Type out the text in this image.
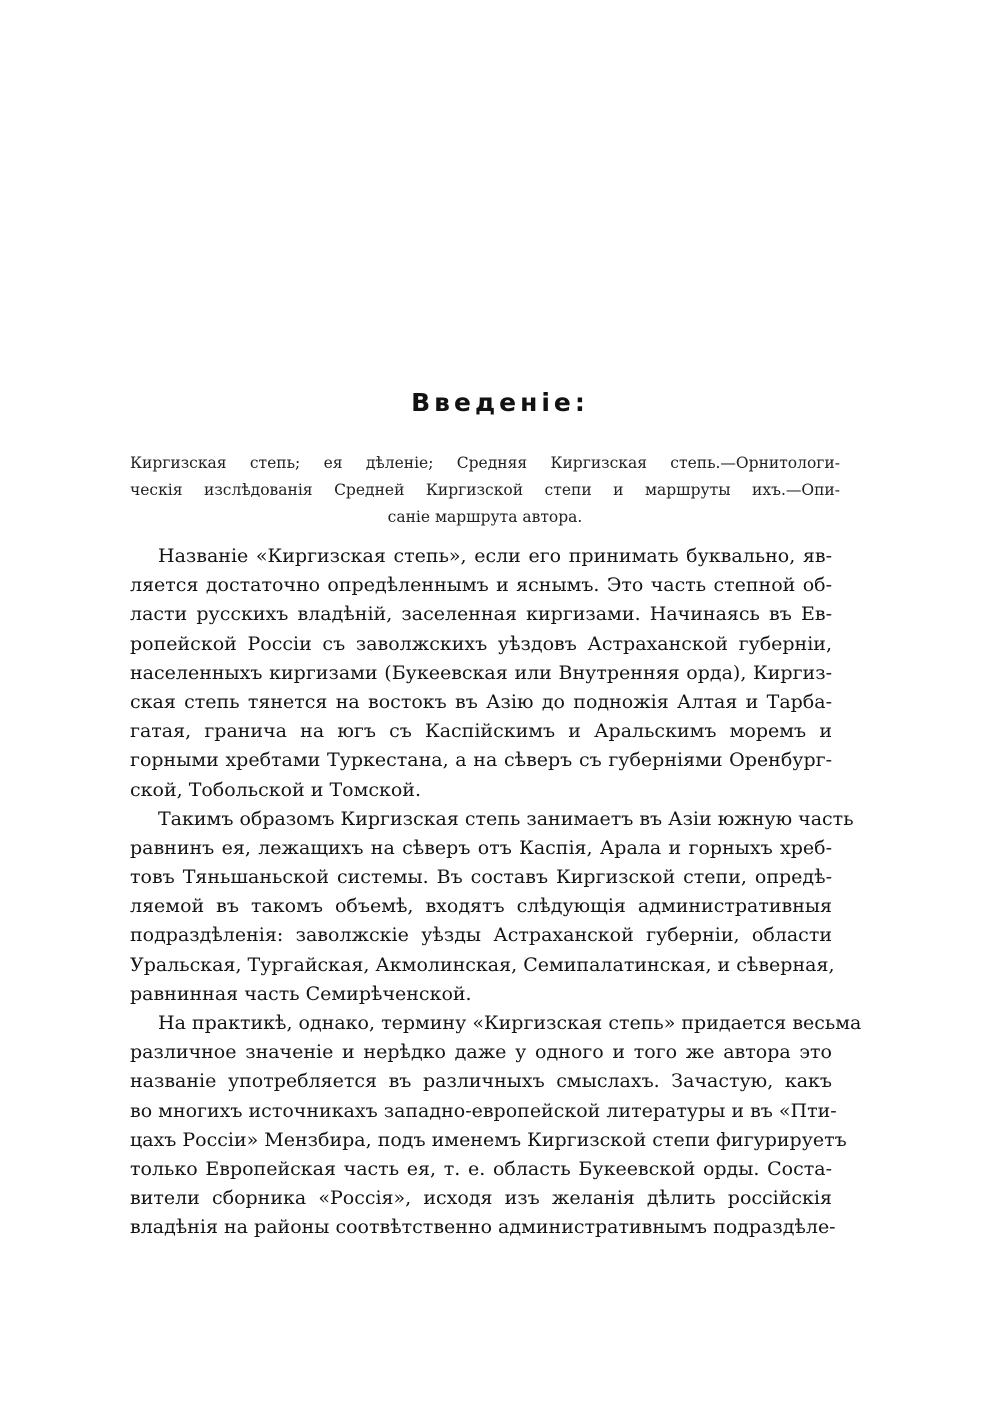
Введеніе:
Киргизская степь; ея дѣленіе; Средняя Киргизская степь.—Орнитологи-
ческія изслѣдованія Средней Киргизской степи и маршруты ихъ.—Опи-
саніе маршрута автора.
Названіе «Киргизская степь», если его принимать буквально, яв-
ляется достаточно опредѣленнымъ и яснымъ. Это часть степной об-
ласти русскихъ владѣній, заселенная киргизами. Начинаясь въ Ев-
ропейской Россіи съ заволжскихъ уѣздовъ Астраханской губерніи,
населенныхъ киргизами (Букеевская или Внутренняя орда), Киргиз-
ская степь тянется на востокъ въ Азію до подножія Алтая и Тарба-
гатая, гранича на югъ съ Каспійскимъ и Аральскимъ моремъ и
горными хребтами Туркестана, а на сѣверъ съ губерніями Оренбург-
ской, Тобольской и Томской.
Такимъ образомъ Киргизская степь занимаетъ въ Азіи южную часть
равнинъ ея, лежащихъ на сѣверъ отъ Каспія, Арала и горныхъ хреб-
товъ Тяньшаньской системы. Въ составъ Киргизской степи, опредѣ-
ляемой въ такомъ объемѣ, входятъ слѣдующія административныя
подраздѣленія: заволжскіе уѣзды Астраханской губерніи, области
Уральская, Тургайская, Акмолинская, Семипалатинская, и сѣверная,
равнинная часть Семирѣченской.
На практикѣ, однако, термину «Киргизская степь» придается весьма
различное значеніе и нерѣдко даже у одного и того же автора это
названіе употребляется въ различныхъ смыслахъ. Зачастую, какъ
во многихъ источникахъ западно-европейской литературы и въ «Пти-
цахъ Россіи» Мензбира, подъ именемъ Киргизской степи фигурируетъ
только Европейская часть ея, т. е. область Букеевской орды. Соста-
вители сборника «Россія», исходя изъ желанія дѣлить россійскія
владѣнія на районы соотвѣтственно административнымъ подраздѣле-
